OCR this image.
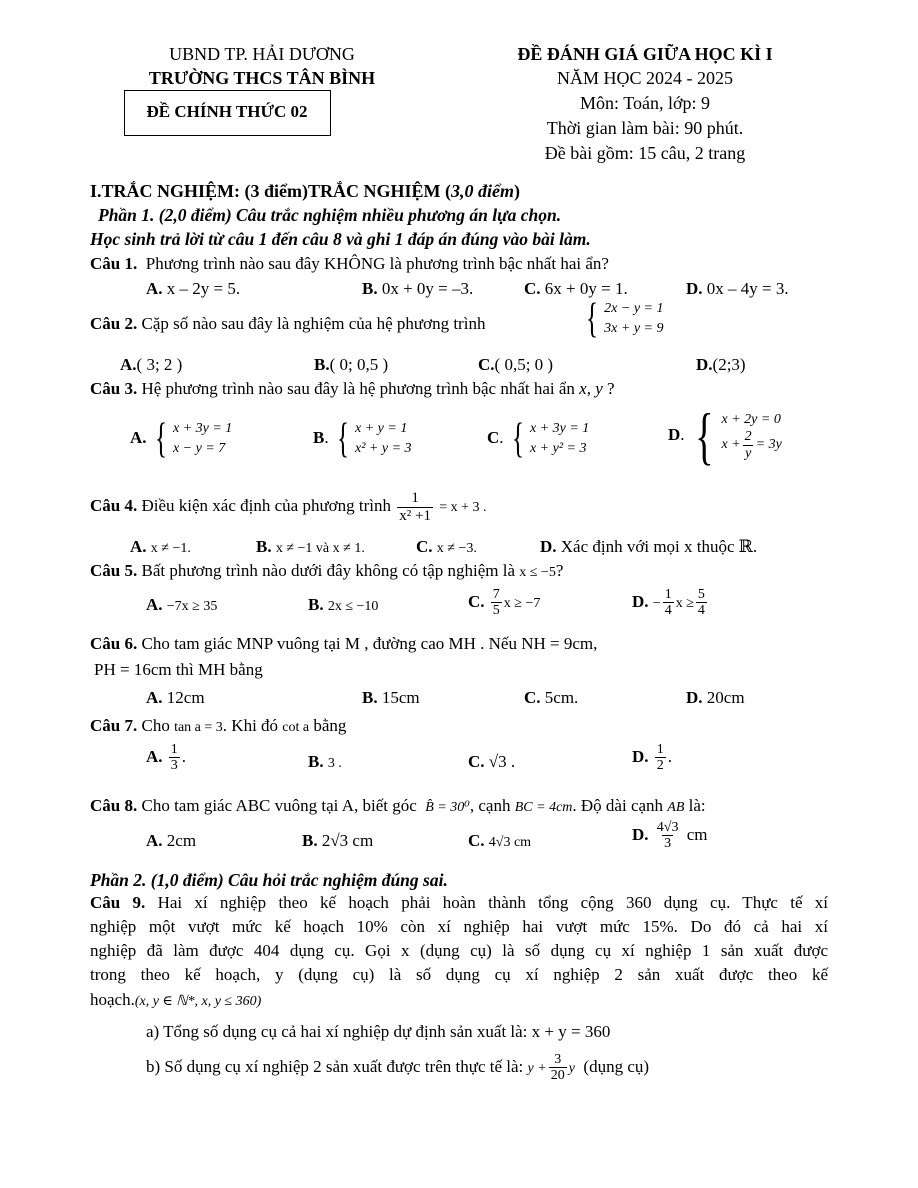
UBND TP. HẢI DƯƠNG
TRƯỜNG THCS TÂN BÌNH
ĐỀ CHÍNH THỨC 02
ĐỀ ĐÁNH GIÁ GIỮA HỌC KÌ I
NĂM HỌC 2024 - 2025
Môn: Toán, lớp: 9
Thời gian làm bài: 90 phút.
Đề bài gồm: 15 câu, 2 trang
I.TRẮC NGHIỆM: (3 điểm)TRẮC NGHIỆM (3,0 điểm)
Phần 1. (2,0 điểm) Câu trắc nghiệm nhiều phương án lựa chọn.
Học sinh trả lời từ câu 1 đến câu 8 và ghi 1 đáp án đúng vào bài làm.
Câu 1. Phương trình nào sau đây KHÔNG là phương trình bậc nhất hai ẩn?
A. x – 2y = 5.	B. 0x + 0y = –3.	C. 6x + 0y = 1.	D. 0x – 4y = 3.
Câu 2. Cặp số nào sau đây là nghiệm của hệ phương trình { 2x − y = 1
3x + y = 9
A.( 3; 2 )	B.( 0; 0,5 )	C.( 0,5; 0 )	D.(2;3)
Câu 3. Hệ phương trình nào sau đây là hệ phương trình bậc nhất hai ẩn x, y ?
A. { x + 3y = 1
x − y = 7
B. { x + y = 1
x² + y = 3
C. { x + 3y = 1
x + y² = 3
D. { x + 2y = 0
$x + \frac{2}{y} = 3y$
Câu 4. Điều kiện xác định của phương trình $\frac{1}{\text{x² +1}} = x + 3$ .
A. x ≠ −1.	B. x ≠ −1 và x ≠ 1.	C. x ≠ −3.	D. Xác định với mọi x thuộc ℝ.
Câu 5. Bất phương trình nào dưới đây không có tập nghiệm là x ≤ −5?
A. −7x ≥ 35	B. 2x ≤ −10	C. $\frac{7}{5}$ x ≥ −7	D. − $\frac{1}{4}$ $x \ge \frac{5}{4}$
Câu 6. Cho tam giác MNP vuông tại M , đường cao MH . Nếu NH = 9cm,
PH = 16cm thì MH bằng
A. 12cm	B. 15cm	C. 5cm.	D. 20cm
Câu 7. Cho tan a = 3. Khi đó cot a bằng
A. $\frac{1}{3}$ .	B. 3 .	C. √3 .	D. $\frac{1}{2}$ .
Câu 8. Cho tam giác ABC vuông tại A, biết góc B̂ = 30⁰, cạnh BC = 4cm. Độ dài cạnh AB là:
A. 2cm	B. 2√3 cm	C. 4√3 cm	D. $\frac{4√3}{3}$ cm
Phần 2. (1,0 điểm) Câu hỏi trắc nghiệm đúng sai.
Câu 9. Hai xí nghiệp theo kế hoạch phải hoàn thành tổng cộng 360 dụng cụ. Thực tế xí
nghiệp một vượt mức kế hoạch 10% còn xí nghiệp hai vượt mức 15%. Do đó cả hai xí
nghiệp đã làm được 404 dụng cụ. Gọi x (dụng cụ) là số dụng cụ xí nghiệp 1 sản xuất được
trong theo kế hoạch, y (dụng cụ) là số dụng cụ xí nghiệp 2 sản xuất được theo kế
hoạch.(x, y ∈ ℕ*, x, y ≤ 360)
a) Tổng số dụng cụ cả hai xí nghiệp dự định sản xuất là: x + y = 360
b) Số dụng cụ xí nghiệp 2 sản xuất được trên thực tế là: $y + \frac{3}{20}$ y (dụng cụ)
